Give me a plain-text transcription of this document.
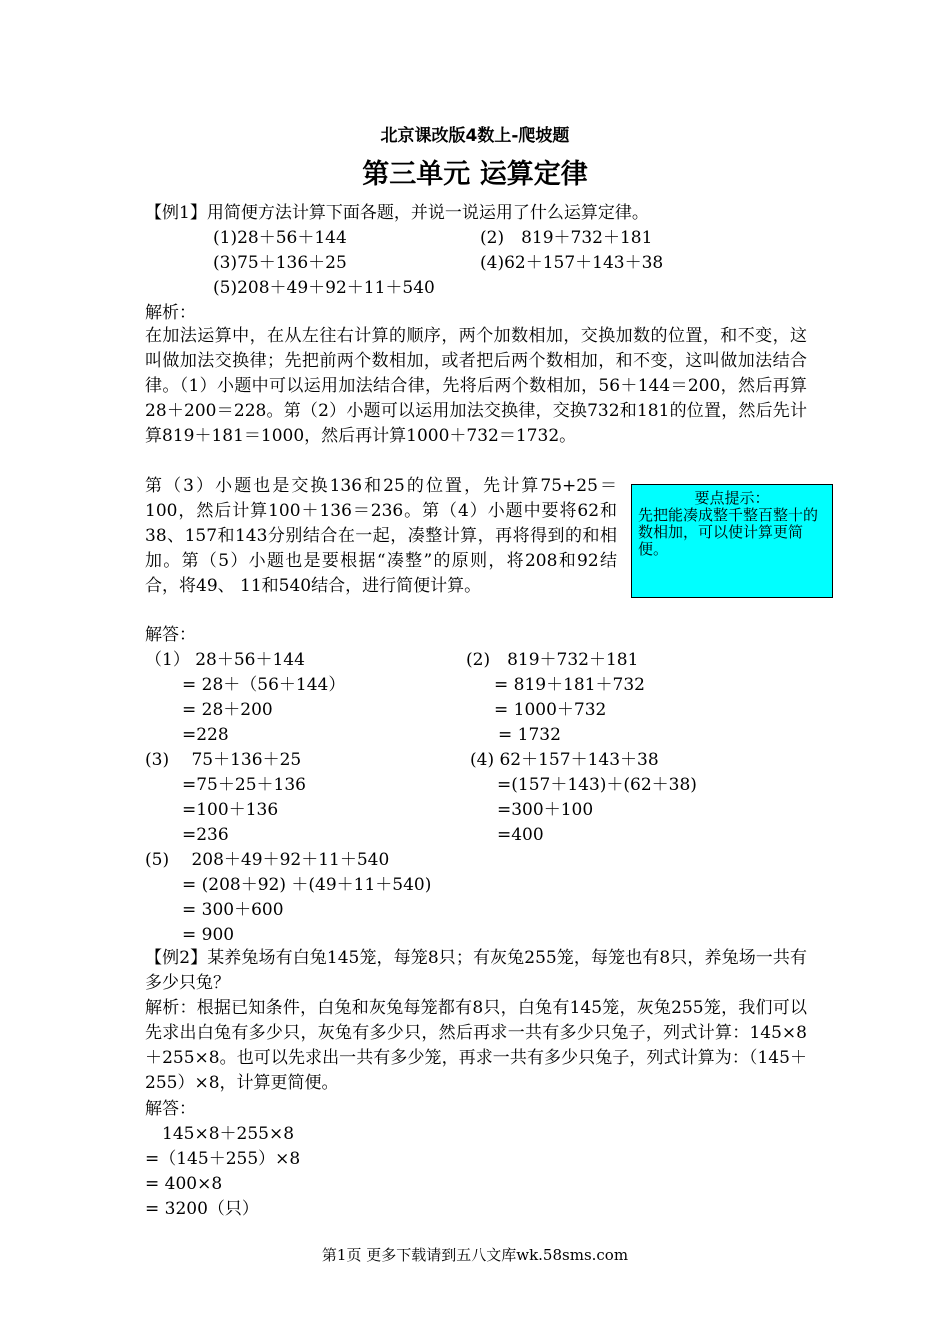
北京课改版4数上-爬坡题
第三单元 运算定律
【例1】用简便方法计算下面各题，并说一说运用了什么运算定律。
(1)28＋56＋144	(2)　819＋732＋181
(3)75＋136＋25	(4)62＋157＋143＋38
(5)208＋49＋92＋11＋540
解析：
在加法运算中，在从左往右计算的顺序，两个加数相加，交换加数的位置，和不变，这叫做加法交换律；先把前两个数相加，或者把后两个数相加，和不变，这叫做加法结合律。（1）小题中可以运用加法结合律，先将后两个数相加，56＋144＝200，然后再算28＋200＝228。第（2）小题可以运用加法交换律，交换732和181的位置，然后先计算819＋181＝1000，然后再计算1000＋732＝1732。
第（3）小题也是交换136和25的位置，先计算75+25＝100，然后计算100＋136＝236。第（4）小题中要将62和38、157和143分别结合在一起，凑整计算，再将得到的和相加。第（5）小题也是要根据“凑整”的原则，将208和92结合，将49、 11和540结合，进行简便计算。
要点提示：
先把能凑成整千整百整十的数相加，可以使计算更简便。
解答：
（1） 28＋56＋144
= 28＋（56＋144）
= 28＋200
=228
(2)　819＋732＋181
= 819＋181＋732
= 1000＋732
= 1732
(3)　 75＋136＋25
=75＋25＋136
=100＋136
=236
(4) 62＋157＋143＋38
=(157＋143)＋(62＋38)
=300＋100
=400
(5)　 208＋49＋92＋11＋540
= (208＋92) ＋(49＋11＋540)
= 300＋600
= 900
【例2】某养兔场有白兔145笼，每笼8只；有灰兔255笼，每笼也有8只，养兔场一共有多少只兔？
解析：根据已知条件，白兔和灰兔每笼都有8只，白兔有145笼，灰兔255笼，我们可以先求出白兔有多少只，灰兔有多少只，然后再求一共有多少只兔子，列式计算：145×8＋255×8。也可以先求出一共有多少笼，再求一共有多少只兔子，列式计算为：（145＋255）×8，计算更简便。
解答：
145×8＋255×8
=（145＋255）×8
= 400×8
= 3200（只）
第1页 更多下载请到五八文库wk.58sms.com
